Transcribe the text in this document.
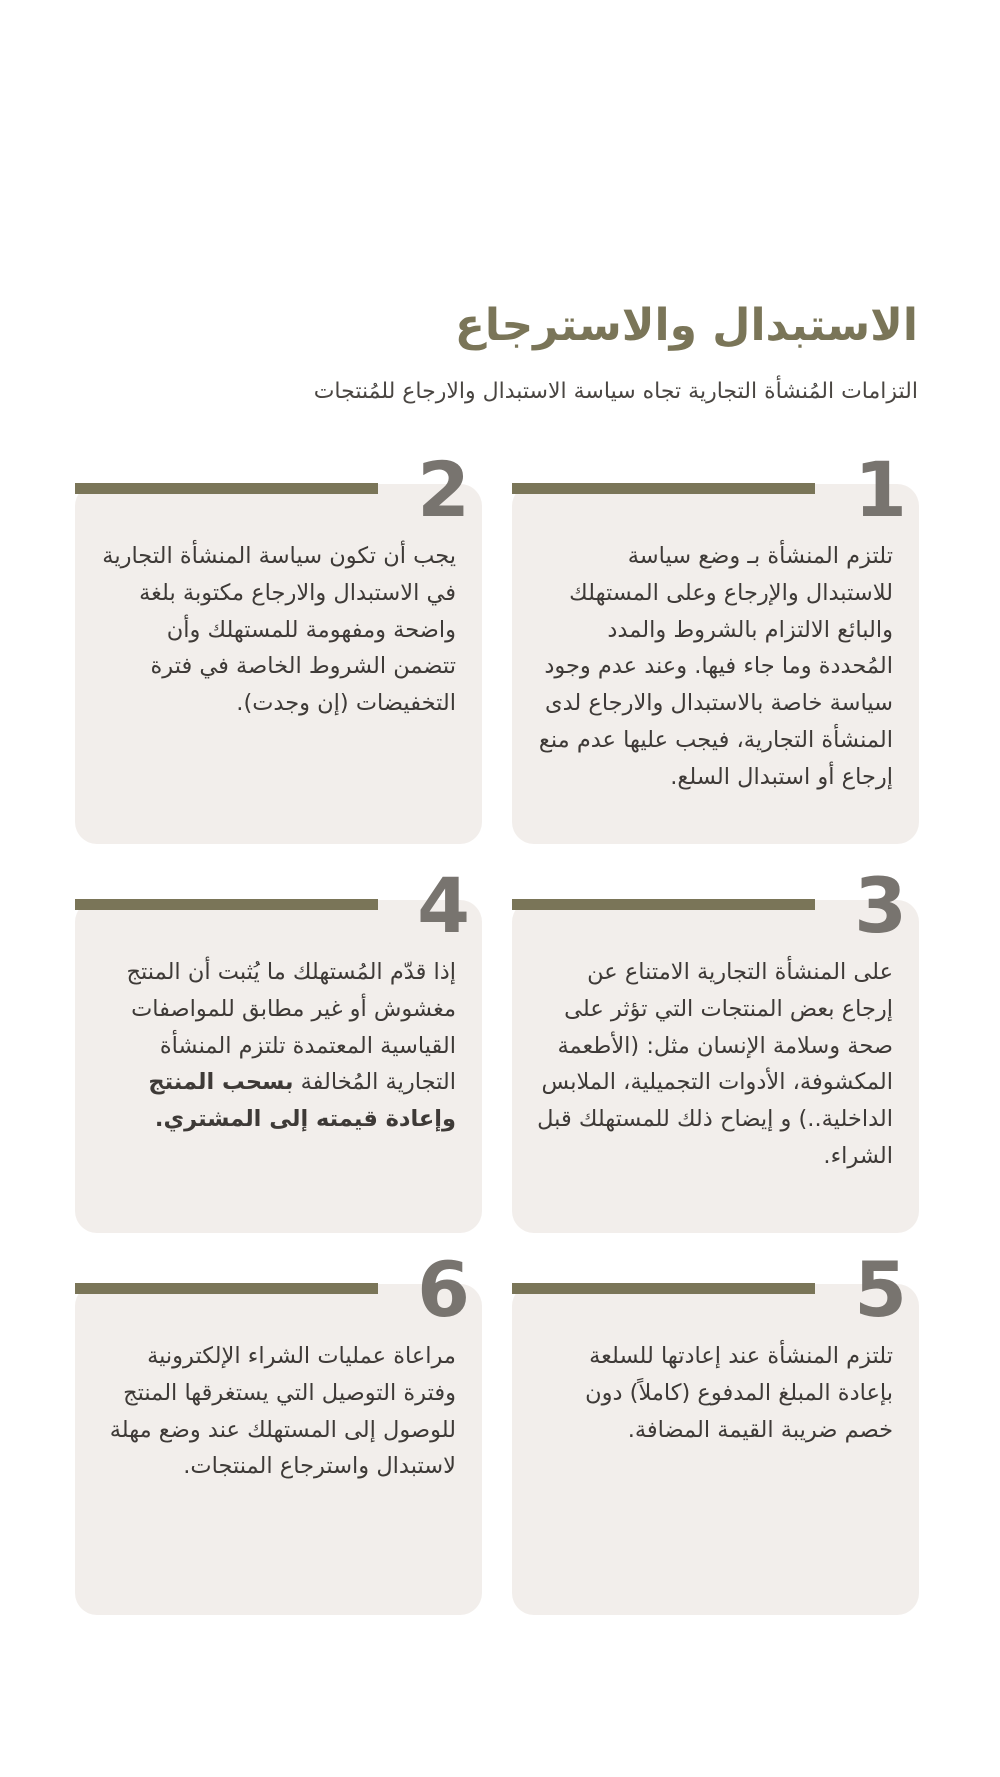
الاستبدال والاسترجاع

التزامات المُنشأة التجارية تجاه سياسة الاستبدال والارجاع للمُنتجات

1

تلتزم المنشأة بـ وضع سياسة للاستبدال والإرجاع وعلى المستهلك والبائع الالتزام بالشروط والمدد المُحددة وما جاء فيها. وعند عدم وجود سياسة خاصة بالاستبدال والارجاع لدى المنشأة التجارية، فيجب عليها عدم منع إرجاع أو استبدال السلع.

2

يجب أن تكون سياسة المنشأة التجارية في الاستبدال والارجاع مكتوبة بلغة واضحة ومفهومة للمستهلك وأن تتضمن الشروط الخاصة في فترة التخفيضات (إن وجدت).

3

على المنشأة التجارية الامتناع عن إرجاع بعض المنتجات التي تؤثر على صحة وسلامة الإنسان مثل: (الأطعمة المكشوفة، الأدوات التجميلية، الملابس الداخلية..) و إيضاح ذلك للمستهلك قبل الشراء.

4

إذا قدّم المُستهلك ما يُثبت أن المنتج مغشوش أو غير مطابق للمواصفات القياسية المعتمدة تلتزم المنشأة التجارية المُخالفة بسحب المنتج وإعادة قيمته إلى المشتري.

5

تلتزم المنشأة عند إعادتها للسلعة بإعادة المبلغ المدفوع (كاملاً) دون خصم ضريبة القيمة المضافة.

6

مراعاة عمليات الشراء الإلكترونية وفترة التوصيل التي يستغرقها المنتج للوصول إلى المستهلك عند وضع مهلة لاستبدال واسترجاع المنتجات.
